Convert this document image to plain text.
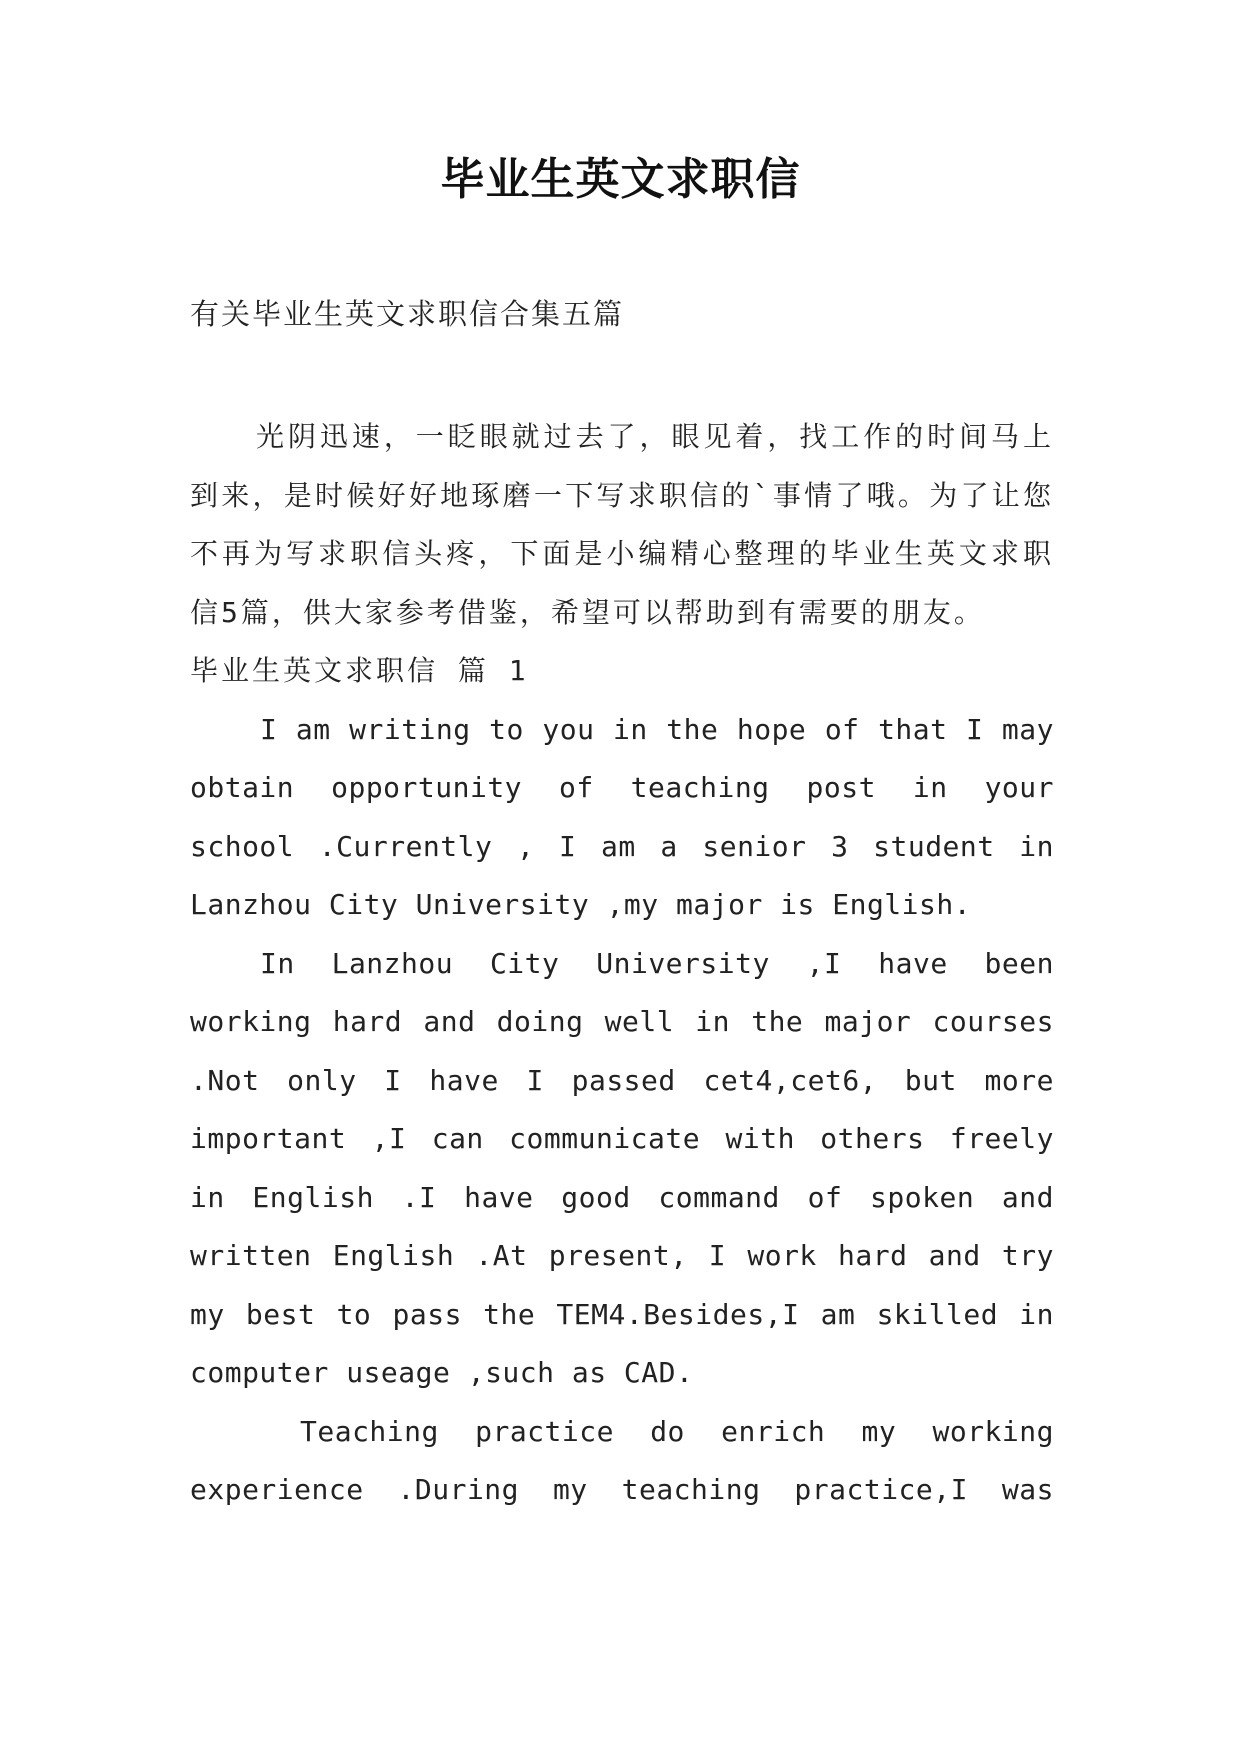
毕业生英文求职信
有关毕业生英文求职信合集五篇

光阴迅速，一眨眼就过去了，眼见着，找工作的时间马上到来，是时候好好地琢磨一下写求职信的`事情了哦。为了让您不再为写求职信头疼，下面是小编精心整理的毕业生英文求职信5篇，供大家参考借鉴，希望可以帮助到有需要的朋友。

毕业生英文求职信 篇 1

I am writing to you in the hope of that I may obtain opportunity of teaching post in your school .Currently , I am a senior 3 student in Lanzhou City University ,my major is English.

In Lanzhou City University ,I have been working hard and doing well in the major courses .Not only I have I passed cet4,cet6, but more important ,I can communicate with others freely in English .I have good command of spoken and written English .At present, I work hard and try my best to pass the TEM4.Besides,I am skilled in computer useage ,such as CAD.

Teaching practice do enrich my working experience .During my teaching practice,I was
